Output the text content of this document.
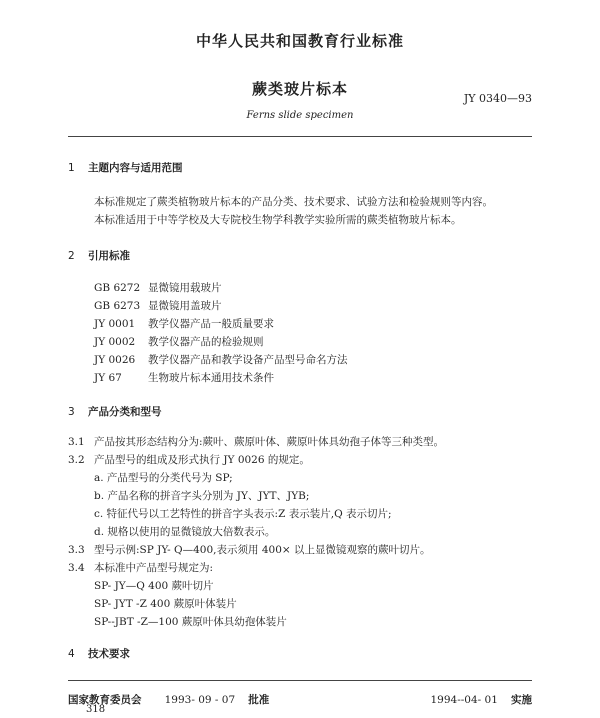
中华人民共和国教育行业标准
蕨类玻片标本
JY 0340—93
Ferns slide specimen
1 主题内容与适用范围
本标准规定了蕨类植物玻片标本的产品分类、技术要求、试验方法和检验规则等内容。
本标准适用于中等学校及大专院校生物学科教学实验所需的蕨类植物玻片标本。
2 引用标准
GB 6272 显微镜用载玻片
GB 6273 显微镜用盖玻片
JY 0001 教学仪器产品一般质量要求
JY 0002 教学仪器产品的检验规则
JY 0026 教学仪器产品和教学设备产品型号命名方法
JY 67 生物玻片标本通用技术条件
3 产品分类和型号
3.1 产品按其形态结构分为:蕨叶、蕨原叶体、蕨原叶体具幼孢子体等三种类型。
3.2 产品型号的组成及形式执行 JY 0026 的规定。
a. 产品型号的分类代号为 SP;
b. 产品名称的拼音字头分别为 JY、JYT、JYB;
c. 特征代号以工艺特性的拼音字头表示:Z 表示装片,Q 表示切片;
d. 规格以使用的显微镜放大倍数表示。
3.3 型号示例:SP JY- Q—400,表示须用 400× 以上显微镜观察的蕨叶切片。
3.4 本标准中产品型号规定为:
SP- JY—Q 400 蕨叶切片
SP- JYT -Z 400 蕨原叶体装片
SP--JBT -Z—100 蕨原叶体具幼孢体装片
4 技术要求
国家教育委员会 1993- 09 - 07 批准	1994--04- 01 实施
318
